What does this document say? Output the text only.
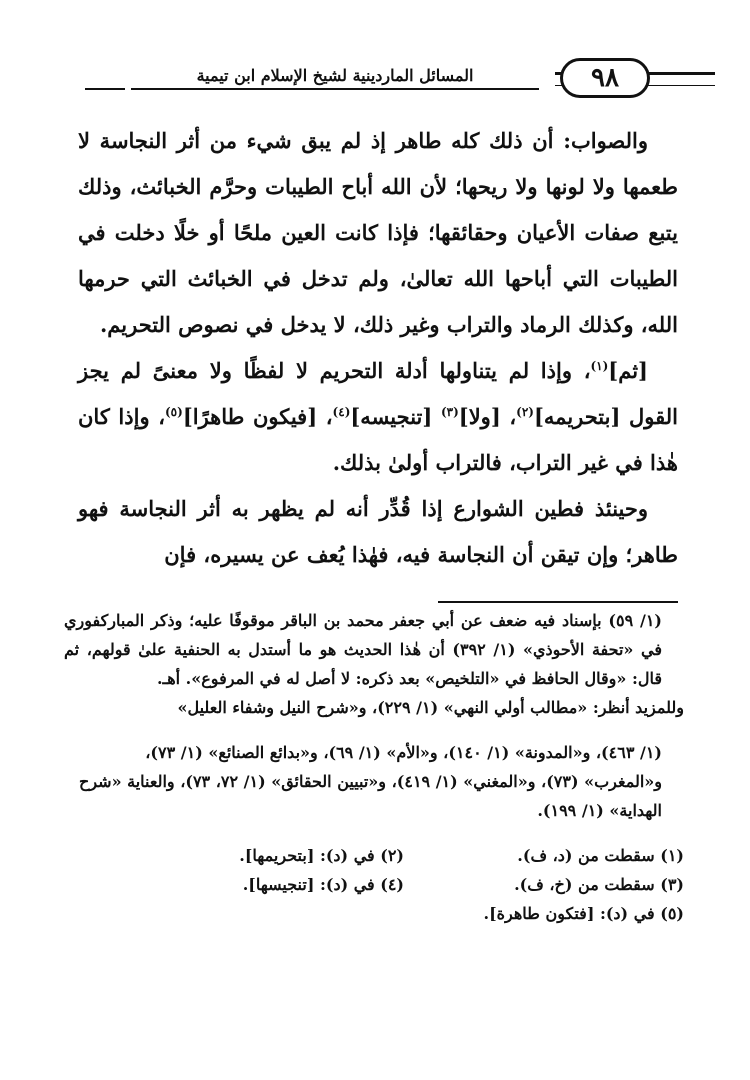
المسائل الماردينية لشيخ الإسلام ابن تيمية	٩٨

والصواب: أن ذلك كله طاهر إذ لم يبق شيء من أثر النجاسة لا طعمها ولا لونها ولا ريحها؛ لأن الله أباح الطيبات وحرَّم الخبائث، وذلك يتبع صفات الأعيان وحقائقها؛ فإذا كانت العين ملحًا أو خلًا دخلت في الطيبات التي أباحها الله تعالىٰ، ولم تدخل في الخبائث التي حرمها الله، وكذلك الرماد والتراب وغير ذلك، لا يدخل في نصوص التحريم.

[ثم]$^{(١)}$، وإذا لم يتناولها أدلة التحريم لا لفظًا ولا معنىً لم يجز القول [بتحريمه]$^{(٢)}$، [ولا]$^{(٣)}$ [تنجيسه]$^{(٤)}$، [فيكون طاهرًا]$^{(٥)}$، وإذا كان هٰذا في غير التراب، فالتراب أولىٰ بذلك.

وحينئذ فطين الشوارع إذا قُدِّر أنه لم يظهر به أثر النجاسة فهو طاهر؛ وإن تيقن أن النجاسة فيه، فهٰذا يُعف عن يسيره، فإن

(١/ ٥٩) بإسناد فيه ضعف عن أبي جعفر محمد بن الباقر موقوفًا عليه؛ وذكر المباركفوري في «تحفة الأحوذي» (١/ ٣٩٢) أن هٰذا الحديث هو ما أستدل به الحنفية علىٰ قولهم، ثم قال: «وقال الحافظ في «التلخيص» بعد ذكره: لا أصل له في المرفوع». أهـ.

وللمزيد أنظر: «مطالب أولي النهي» (١/ ٢٢٩)، و«شرح النيل وشفاء العليل»

(١/ ٤٦٣)، و«المدونة» (١/ ١٤٠)، و«الأم» (١/ ٦٩)، و«بدائع الصنائع» (١/ ٧٣)، و«المغرب» (٧٣)، و«المغني» (١/ ٤١٩)، و«تبيين الحقائق» (١/ ٧٢، ٧٣)، والعناية «شرح الهداية» (١/ ١٩٩).

(١) سقطت من (د، ف).
(٢) في (د): [بتحريمها].
(٣) سقطت من (خ، ف).
(٤) في (د): [تنجيسها].
(٥) في (د): [فتكون طاهرة].
